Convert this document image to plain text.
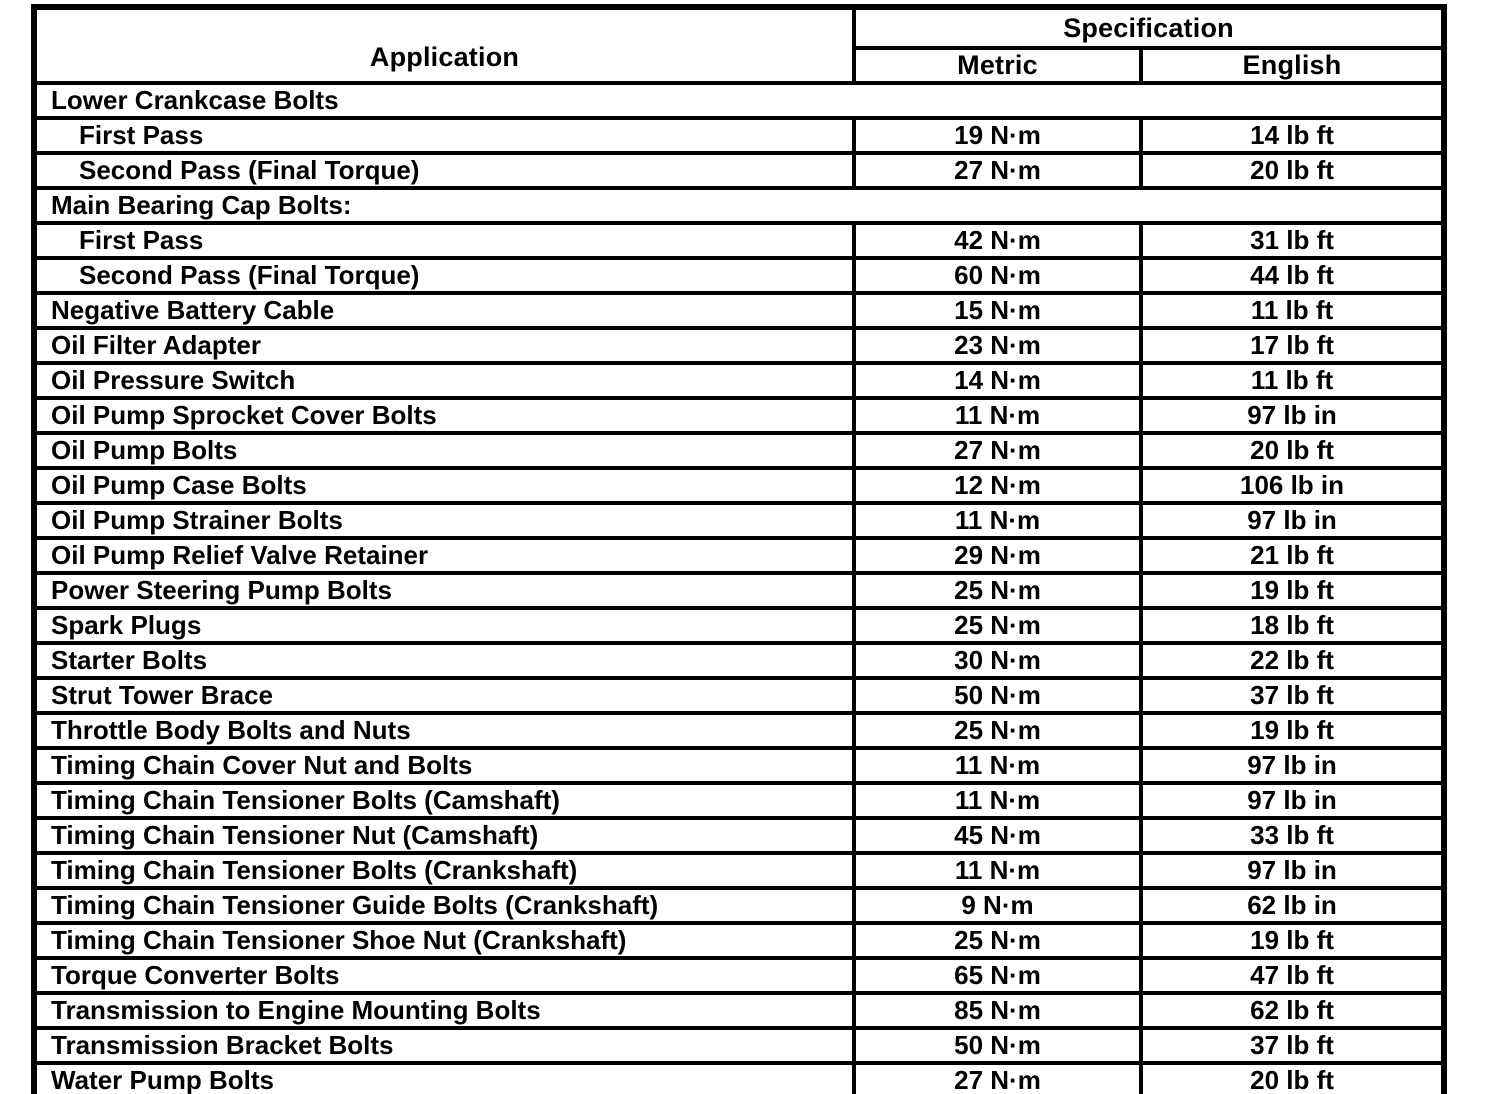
Application	Specification	
	Metric	English
Lower Crankcase Bolts		
First Pass	19 N·m	14 lb ft
Second Pass (Final Torque)	27 N·m	20 lb ft
Main Bearing Cap Bolts:		
First Pass	42 N·m	31 lb ft
Second Pass (Final Torque)	60 N·m	44 lb ft
Negative Battery Cable	15 N·m	11 lb ft
Oil Filter Adapter	23 N·m	17 lb ft
Oil Pressure Switch	14 N·m	11 lb ft
Oil Pump Sprocket Cover Bolts	11 N·m	97 lb in
Oil Pump Bolts	27 N·m	20 lb ft
Oil Pump Case Bolts	12 N·m	106 lb in
Oil Pump Strainer Bolts	11 N·m	97 lb in
Oil Pump Relief Valve Retainer	29 N·m	21 lb ft
Power Steering Pump Bolts	25 N·m	19 lb ft
Spark Plugs	25 N·m	18 lb ft
Starter Bolts	30 N·m	22 lb ft
Strut Tower Brace	50 N·m	37 lb ft
Throttle Body Bolts and Nuts	25 N·m	19 lb ft
Timing Chain Cover Nut and Bolts	11 N·m	97 lb in
Timing Chain Tensioner Bolts (Camshaft)	11 N·m	97 lb in
Timing Chain Tensioner Nut (Camshaft)	45 N·m	33 lb ft
Timing Chain Tensioner Bolts (Crankshaft)	11 N·m	97 lb in
Timing Chain Tensioner Guide Bolts (Crankshaft)	9 N·m	62 lb in
Timing Chain Tensioner Shoe Nut (Crankshaft)	25 N·m	19 lb ft
Torque Converter Bolts	65 N·m	47 lb ft
Transmission to Engine Mounting Bolts	85 N·m	62 lb ft
Transmission Bracket Bolts	50 N·m	37 lb ft
Water Pump Bolts	27 N·m	20 lb ft
